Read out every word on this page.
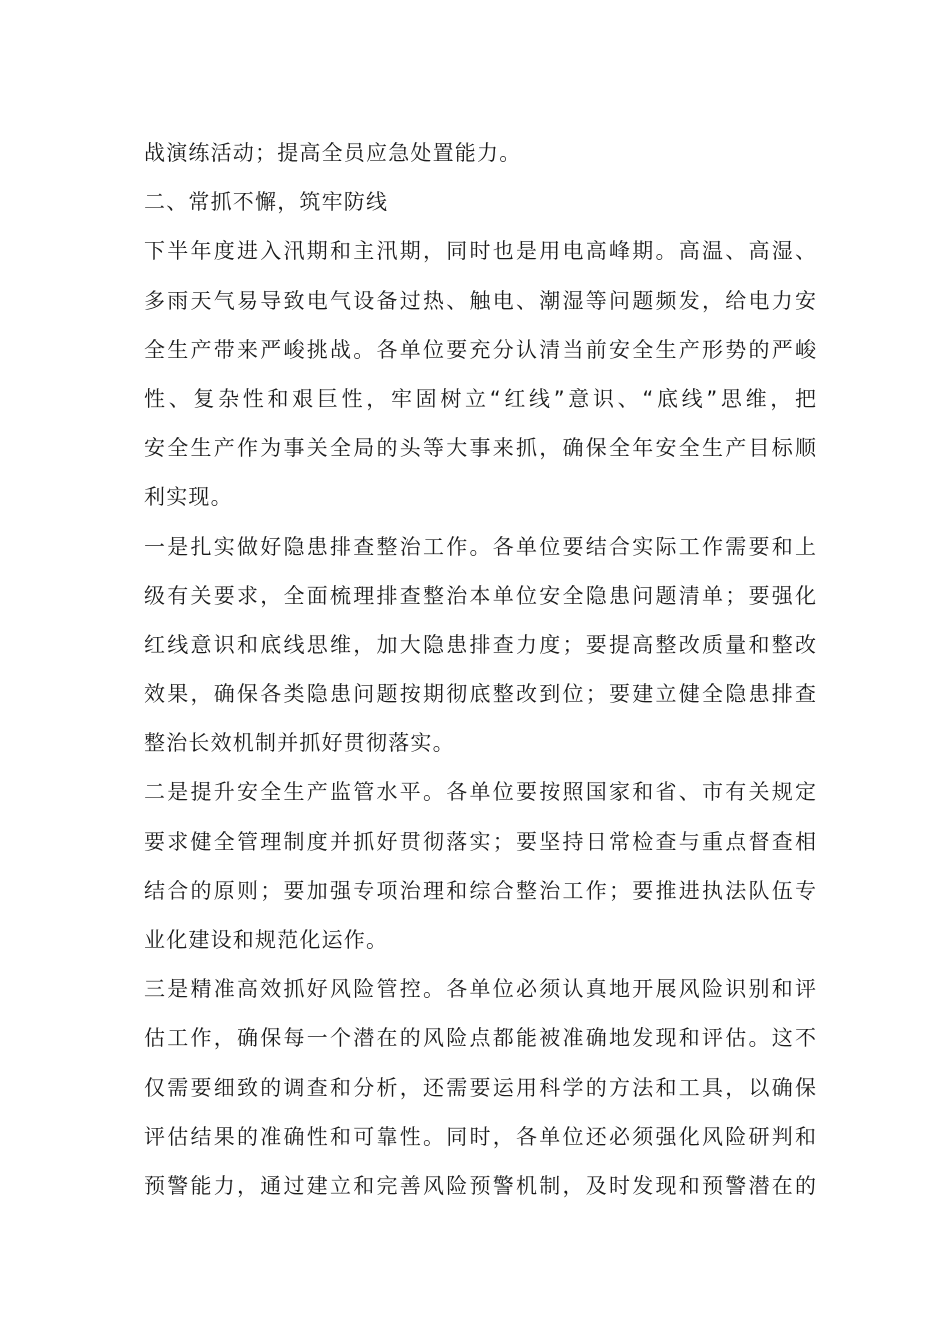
战演练活动；提高全员应急处置能力。
二、常抓不懈，筑牢防线
下半年度进入汛期和主汛期，同时也是用电高峰期。高温、高湿、
多雨天气易导致电气设备过热、触电、潮湿等问题频发，给电力安
全生产带来严峻挑战。各单位要充分认清当前安全生产形势的严峻
性、复杂性和艰巨性，牢固树立“红线”意识、“底线”思维，把
安全生产作为事关全局的头等大事来抓，确保全年安全生产目标顺
利实现。
一是扎实做好隐患排查整治工作。各单位要结合实际工作需要和上
级有关要求，全面梳理排查整治本单位安全隐患问题清单；要强化
红线意识和底线思维，加大隐患排查力度；要提高整改质量和整改
效果，确保各类隐患问题按期彻底整改到位；要建立健全隐患排查
整治长效机制并抓好贯彻落实。
二是提升安全生产监管水平。各单位要按照国家和省、市有关规定
要求健全管理制度并抓好贯彻落实；要坚持日常检查与重点督查相
结合的原则；要加强专项治理和综合整治工作；要推进执法队伍专
业化建设和规范化运作。
三是精准高效抓好风险管控。各单位必须认真地开展风险识别和评
估工作，确保每一个潜在的风险点都能被准确地发现和评估。这不
仅需要细致的调查和分析，还需要运用科学的方法和工具，以确保
评估结果的准确性和可靠性。同时，各单位还必须强化风险研判和
预警能力，通过建立和完善风险预警机制，及时发现和预警潜在的
